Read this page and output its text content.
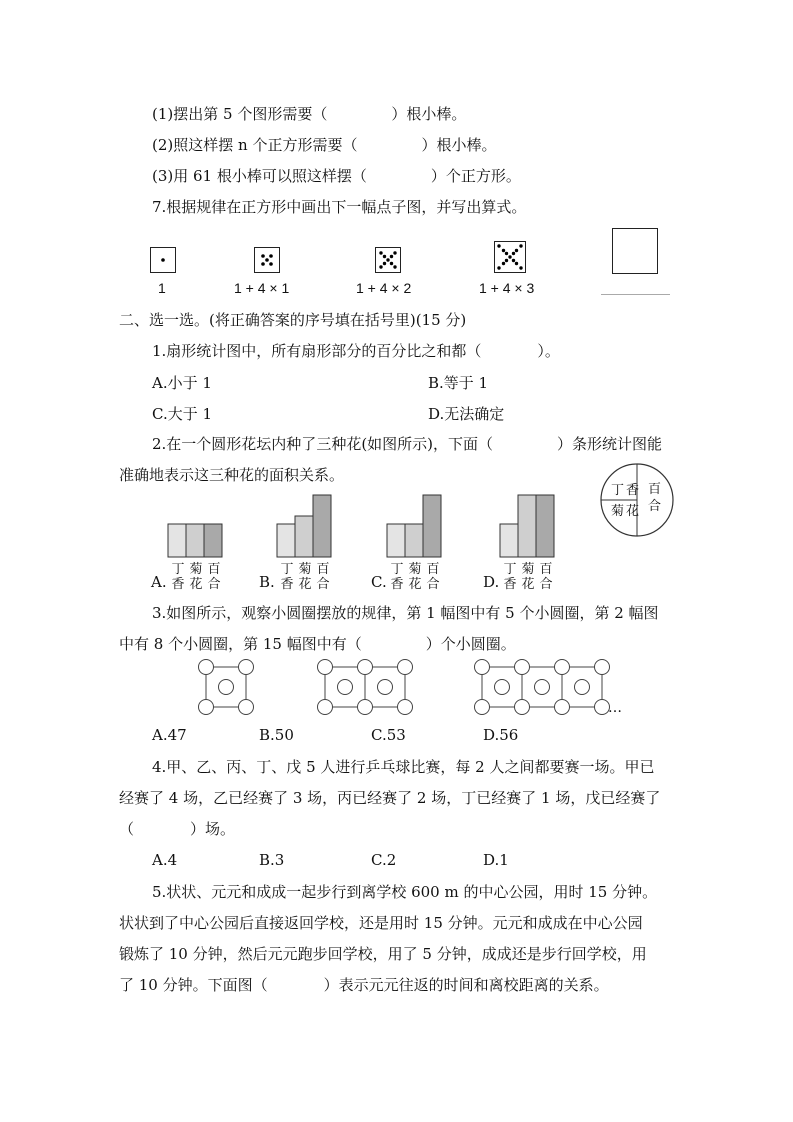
(1)摆出第 5 个图形需要（	）根小棒。
(2)照这样摆 n 个正方形需要（	）根小棒。
(3)用 61 根小棒可以照这样摆（	）个正方形。
7.根据规律在正方形中画出下一幅点子图，并写出算式。
1	1 + 4 × 1	1 + 4 × 2	1 + 4 × 3
二、选一选。(将正确答案的序号填在括号里)(15 分)
1.扇形统计图中，所有扇形部分的百分比之和都（	）。
A.小于 1	B.等于 1
C.大于 1	D.无法确定
2.在一个圆形花坛内种了三种花(如图所示)，下面（	）条形统计图能
准确地表示这三种花的面积关系。
丁香
菊花
百合
丁 菊 百	丁 菊 百	丁 菊 百	丁 菊 百
A. 香 花 合	B. 香 花 合	C. 香 花 合	D. 香 花 合
3.如图所示，观察小圆圈摆放的规律，第 1 幅图中有 5 个小圆圈，第 2 幅图
中有 8 个小圆圈，第 15 幅图中有（	）个小圆圈。
…
A.47	B.50	C.53	D.56
4.甲、乙、丙、丁、戊 5 人进行乒乓球比赛，每 2 人之间都要赛一场。甲已
经赛了 4 场，乙已经赛了 3 场，丙已经赛了 2 场，丁已经赛了 1 场，戊已经赛了
（	）场。
A.4	B.3	C.2	D.1
5.状状、元元和成成一起步行到离学校 600 m 的中心公园，用时 15 分钟。
状状到了中心公园后直接返回学校，还是用时 15 分钟。元元和成成在中心公园
锻炼了 10 分钟，然后元元跑步回学校，用了 5 分钟，成成还是步行回学校，用
了 10 分钟。下面图（	）表示元元往返的时间和离校距离的关系。
